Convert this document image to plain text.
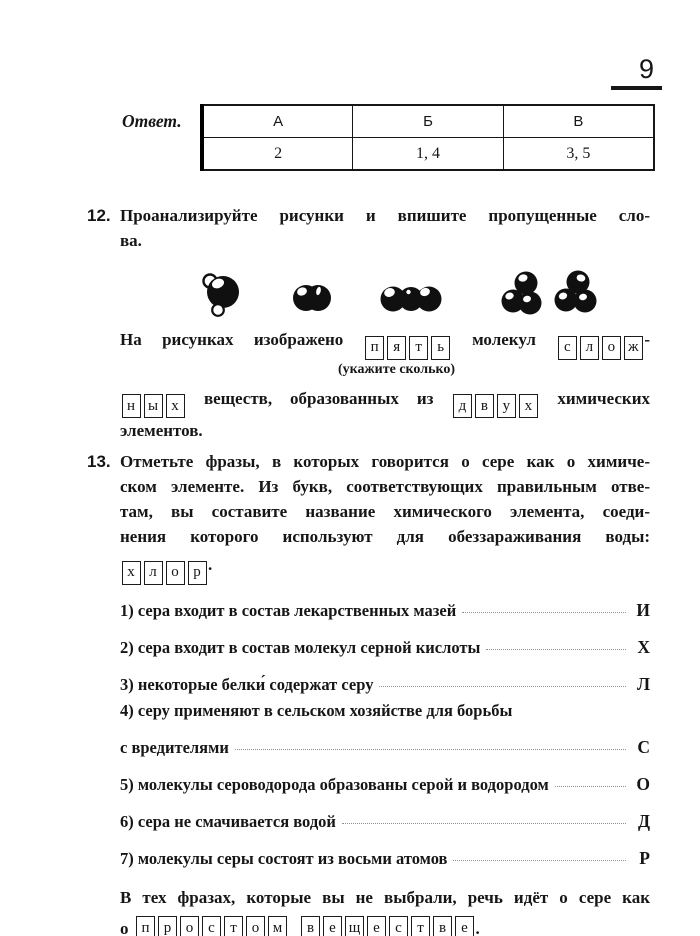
9
Ответ.	А	Б	В
2	1, 4	3, 5
12. Проанализируйте рисунки и впишите пропущенные сло-
ва.
На рисунках изображено	п я	т	ь	молекул	с л о ж -
(укажите сколько)
н ы х	веществ, образованных из	д в у х	химических
элементов.
13. Отметьте фразы, в которых говорится о сере как о химиче-
ском элементе. Из букв, соответствующих правильным отве-
там, вы составите название химического элемента, соеди-
нения которого используют для обеззараживания воды:
х л о р .
1) сера входит в состав лекарственных мазей	И
2) сера входит в состав молекул серной кислоты	Х
3) некоторые белки́ содержат серу	Л
4) серу применяют в сельском хозяйстве для борьбы
с вредителями	С
5) молекулы сероводорода образованы серой и водородом	О
6) сера не смачивается водой	Д
7) молекулы серы состоят из восьми атомов	Р
В тех фразах, которые вы не выбрали, речь идёт о сере как
о п р о с	т о м	в	е щ е	с	т	в	е .
